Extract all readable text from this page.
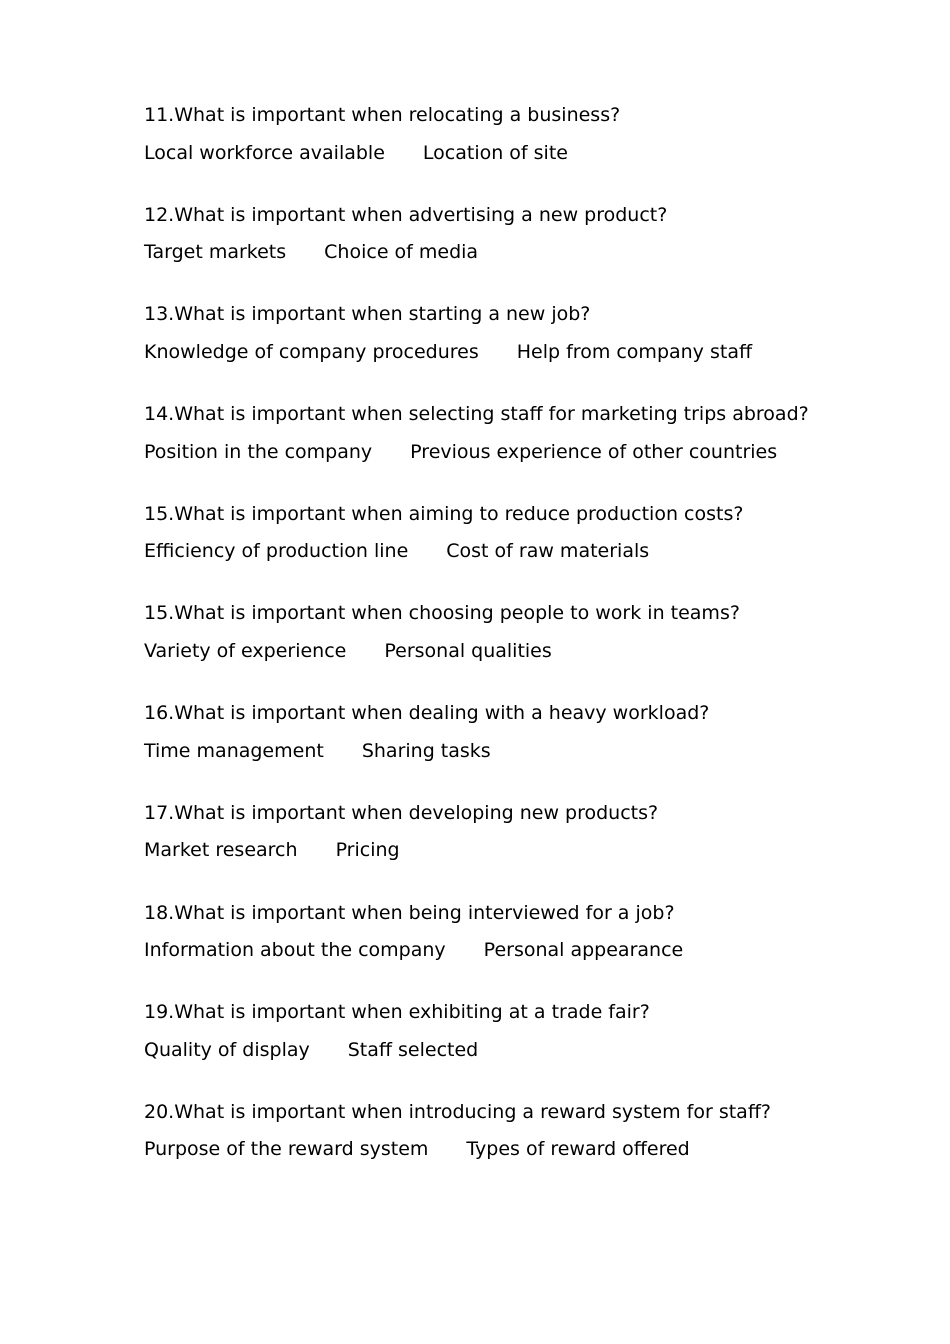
11.What is important when relocating a business?
Local workforce available Location of site
12.What is important when advertising a new product?
Target markets Choice of media
13.What is important when starting a new job?
Knowledge of company procedures Help from company staff
14.What is important when selecting staff for marketing trips abroad?
Position in the company Previous experience of other countries
15.What is important when aiming to reduce production costs?
Efficiency of production line Cost of raw materials
15.What is important when choosing people to work in teams?
Variety of experience Personal qualities
16.What is important when dealing with a heavy workload?
Time management Sharing tasks
17.What is important when developing new products?
Market research Pricing
18.What is important when being interviewed for a job?
Information about the company Personal appearance
19.What is important when exhibiting at a trade fair?
Quality of display Staff selected
20.What is important when introducing a reward system for staff?
Purpose of the reward system Types of reward offered
